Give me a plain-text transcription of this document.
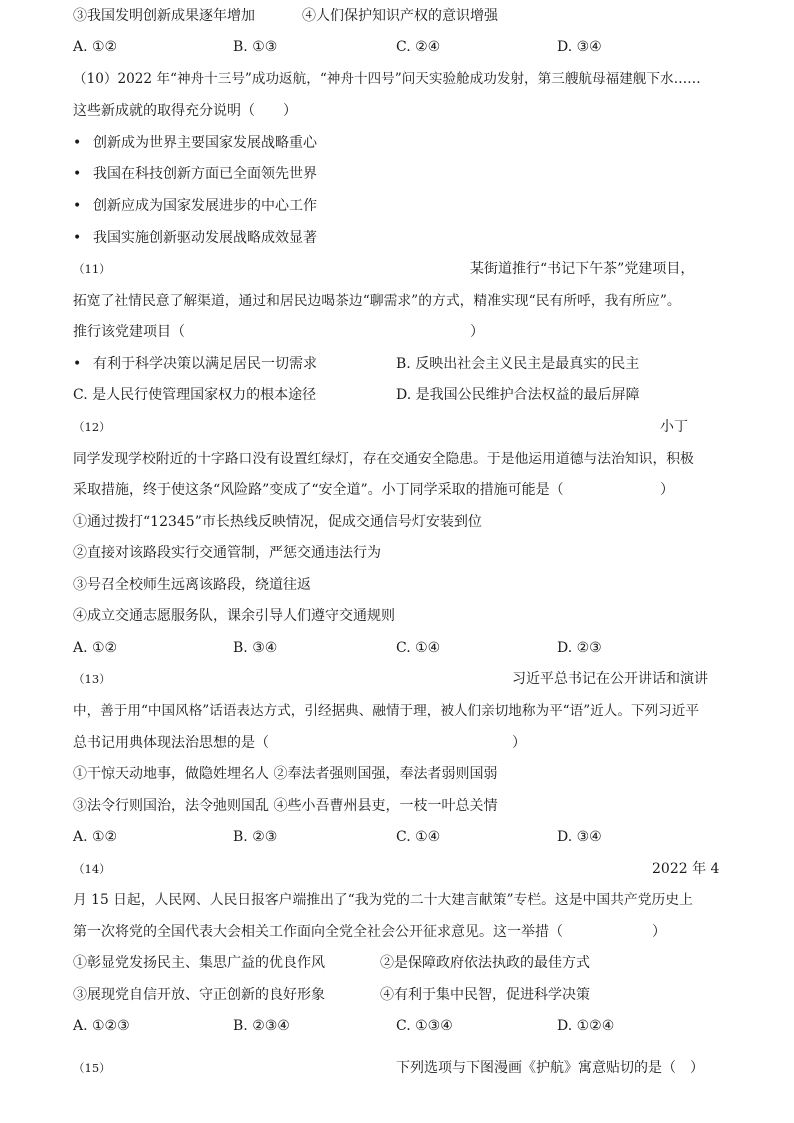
③我国发明创新成果逐年增加	④人们保护知识产权的意识增强
A. ①②	B. ①③	C. ②④	D. ③④
（10）2022 年“神舟十三号”成功返航，“神舟十四号”问天实验舱成功发射，第三艘航母福建舰下水……
这些新成就的取得充分说明（　　）
• 创新成为世界主要国家发展战略重心
• 我国在科技创新方面已全面领先世界
• 创新应成为国家发展进步的中心工作
• 我国实施创新驱动发展战略成效显著
（11）	某街道推行“书记下午茶”党建项目，
拓宽了社情民意了解渠道，通过和居民边喝茶边“聊需求”的方式，精准实现“民有所呼，我有所应”。
推行该党建项目（	）
• 有利于科学决策以满足居民一切需求	B. 反映出社会主义民主是最真实的民主
C. 是人民行使管理国家权力的根本途径	D. 是我国公民维护合法权益的最后屏障
（12）	小丁
同学发现学校附近的十字路口没有设置红绿灯，存在交通安全隐患。于是他运用道德与法治知识，积极
采取措施，终于使这条“风险路”变成了“安全道”。小丁同学采取的措施可能是（	）
①通过拨打“12345”市长热线反映情况，促成交通信号灯安装到位
②直接对该路段实行交通管制，严惩交通违法行为
③号召全校师生远离该路段，绕道往返
④成立交通志愿服务队，课余引导人们遵守交通规则
A. ①②	B. ③④	C. ①④	D. ②③
（13）	习近平总书记在公开讲话和演讲
中，善于用“中国风格”话语表达方式，引经据典、融情于理，被人们亲切地称为平“语”近人。下列习近平
总书记用典体现法治思想的是（	）
①干惊天动地事，做隐姓埋名人 ②奉法者强则国强，奉法者弱则国弱
③法令行则国治，法令弛则国乱 ④些小吾曹州县吏，一枝一叶总关情
A. ①②	B. ②③	C. ①④	D. ③④
（14）	2022 年 4
月 15 日起，人民网、人民日报客户端推出了“我为党的二十大建言献策”专栏。这是中国共产党历史上
第一次将党的全国代表大会相关工作面向全党全社会公开征求意见。这一举措（	）
①彰显党发扬民主、集思广益的优良作风	②是保障政府依法执政的最佳方式
③展现党自信开放、守正创新的良好形象	④有利于集中民智，促进科学决策
A. ①②③	B. ②③④	C. ①③④	D. ①②④
（15）	下列选项与下图漫画《护航》寓意贴切的是（　）
